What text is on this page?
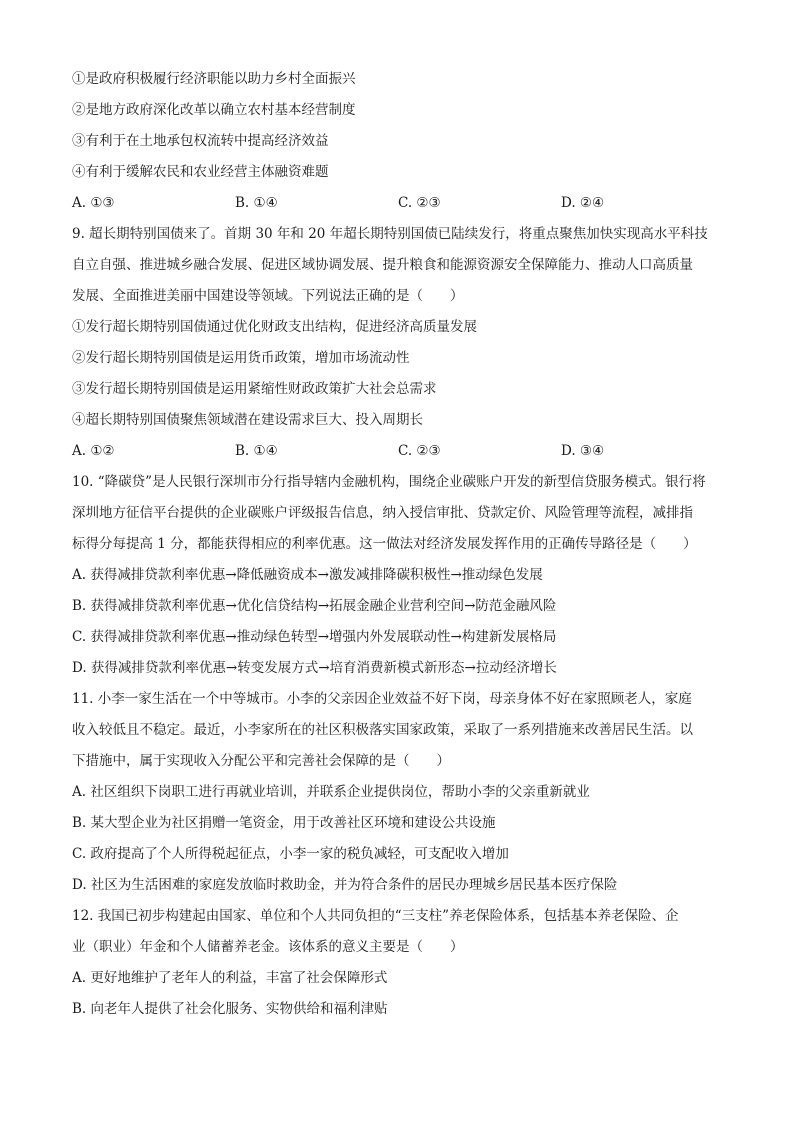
①是政府积极履行经济职能以助力乡村全面振兴
②是地方政府深化改革以确立农村基本经营制度
③有利于在土地承包权流转中提高经济效益
④有利于缓解农民和农业经营主体融资难题
A. ①③	B. ①④	C. ②③	D. ②④
9. 超长期特别国债来了。首期 30 年和 20 年超长期特别国债已陆续发行，将重点聚焦加快实现高水平科技
自立自强、推进城乡融合发展、促进区域协调发展、提升粮食和能源资源安全保障能力、推动人口高质量
发展、全面推进美丽中国建设等领域。下列说法正确的是（　　）
①发行超长期特别国债通过优化财政支出结构，促进经济高质量发展
②发行超长期特别国债是运用货币政策，增加市场流动性
③发行超长期特别国债是运用紧缩性财政政策扩大社会总需求
④超长期特别国债聚焦领域潜在建设需求巨大、投入周期长
A. ①②	B. ①④	C. ②③	D. ③④
10. “降碳贷”是人民银行深圳市分行指导辖内金融机构，围绕企业碳账户开发的新型信贷服务模式。银行将
深圳地方征信平台提供的企业碳账户评级报告信息，纳入授信审批、贷款定价、风险管理等流程，减排指
标得分每提高 1 分，都能获得相应的利率优惠。这一做法对经济发展发挥作用的正确传导路径是（　　）
A. 获得减排贷款利率优惠→降低融资成本→激发减排降碳积极性→推动绿色发展
B. 获得减排贷款利率优惠→优化信贷结构→拓展金融企业营利空间→防范金融风险
C. 获得减排贷款利率优惠→推动绿色转型→增强内外发展联动性→构建新发展格局
D. 获得减排贷款利率优惠→转变发展方式→培育消费新模式新形态→拉动经济增长
11. 小李一家生活在一个中等城市。小李的父亲因企业效益不好下岗，母亲身体不好在家照顾老人，家庭
收入较低且不稳定。最近，小李家所在的社区积极落实国家政策，采取了一系列措施来改善居民生活。以
下措施中，属于实现收入分配公平和完善社会保障的是（　　）
A. 社区组织下岗职工进行再就业培训，并联系企业提供岗位，帮助小李的父亲重新就业
B. 某大型企业为社区捐赠一笔资金，用于改善社区环境和建设公共设施
C. 政府提高了个人所得税起征点，小李一家的税负减轻，可支配收入增加
D. 社区为生活困难的家庭发放临时救助金，并为符合条件的居民办理城乡居民基本医疗保险
12. 我国已初步构建起由国家、单位和个人共同负担的“三支柱”养老保险体系，包括基本养老保险、企
业（职业）年金和个人储蓄养老金。该体系的意义主要是（　　）
A. 更好地维护了老年人的利益，丰富了社会保障形式
B. 向老年人提供了社会化服务、实物供给和福利津贴
